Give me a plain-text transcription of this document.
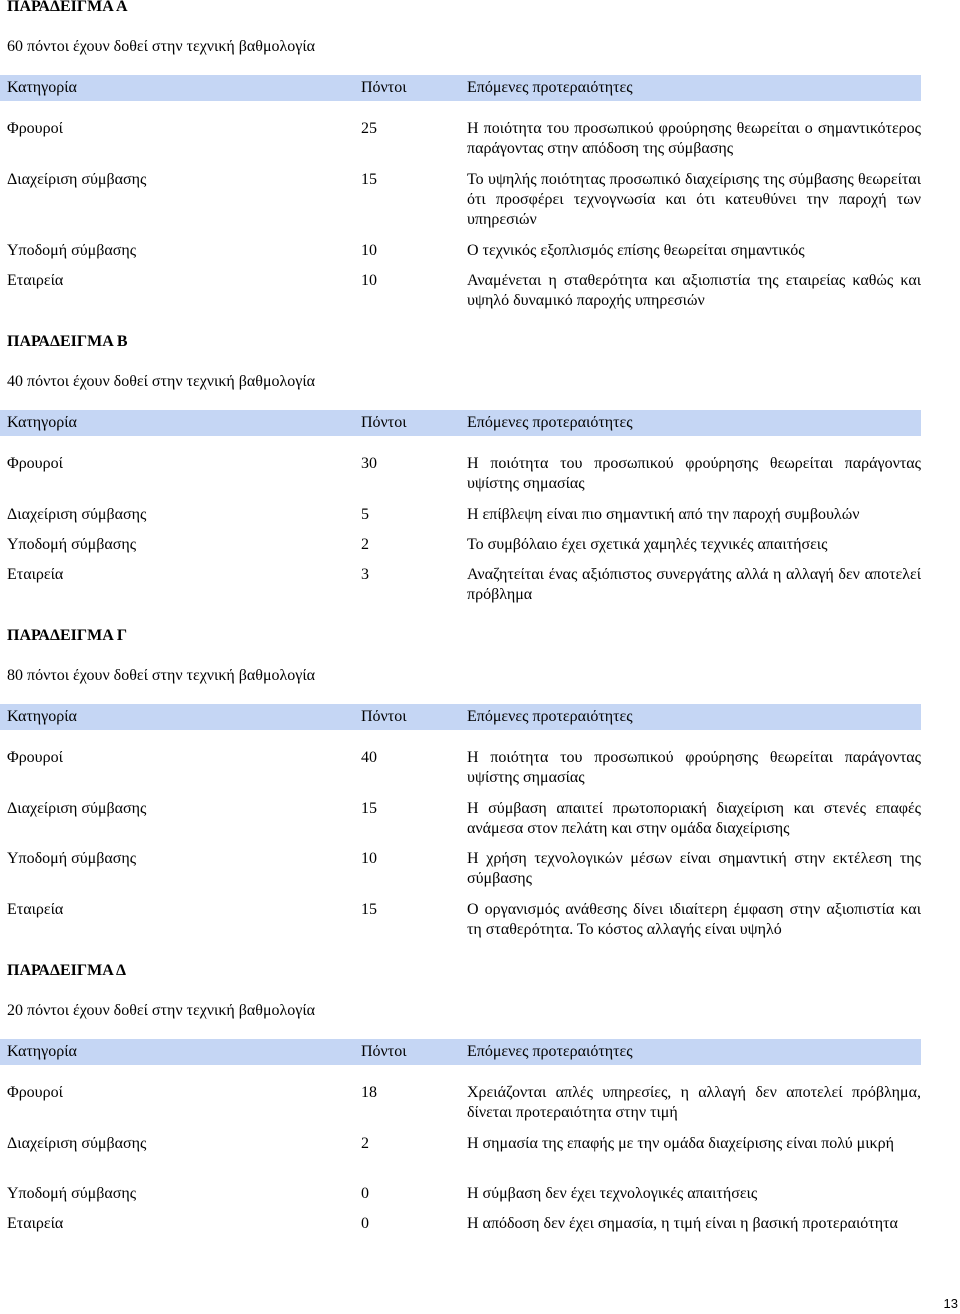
ΠΑΡΑΔΕΙΓΜΑ Α
60 πόντοι έχουν δοθεί στην τεχνική βαθμολογία
Κατηγορία	Πόντοι	Επόμενες προτεραιότητες
Φρουροί	25	Η ποιότητα του προσωπικού φρούρησης θεωρείται ο σημαντικότερος παράγοντας στην απόδοση της σύμβασης
Διαχείριση σύμβασης	15	Το υψηλής ποιότητας προσωπικό διαχείρισης της σύμβασης θεωρείται ότι προσφέρει τεχνογνωσία και ότι κατευθύνει την παροχή των υπηρεσιών
Υποδομή σύμβασης	10	Ο τεχνικός εξοπλισμός επίσης θεωρείται σημαντικός
Εταιρεία	10	Αναμένεται η σταθερότητα και αξιοπιστία της εταιρείας καθώς και υψηλό δυναμικό παροχής υπηρεσιών
ΠΑΡΑΔΕΙΓΜΑ Β
40 πόντοι έχουν δοθεί στην τεχνική βαθμολογία
Κατηγορία	Πόντοι	Επόμενες προτεραιότητες
Φρουροί	30	Η ποιότητα του προσωπικού φρούρησης θεωρείται παράγοντας υψίστης σημασίας
Διαχείριση σύμβασης	5	Η επίβλεψη είναι πιο σημαντική από την παροχή συμβουλών
Υποδομή σύμβασης	2	Το συμβόλαιο έχει σχετικά χαμηλές τεχνικές απαιτήσεις
Εταιρεία	3	Αναζητείται ένας αξιόπιστος συνεργάτης αλλά η αλλαγή δεν αποτελεί πρόβλημα
ΠΑΡΑΔΕΙΓΜΑ Γ
80 πόντοι έχουν δοθεί στην τεχνική βαθμολογία
Κατηγορία	Πόντοι	Επόμενες προτεραιότητες
Φρουροί	40	Η ποιότητα του προσωπικού φρούρησης θεωρείται παράγοντας υψίστης σημασίας
Διαχείριση σύμβασης	15	Η σύμβαση απαιτεί πρωτοποριακή διαχείριση και στενές επαφές ανάμεσα στον πελάτη και στην ομάδα διαχείρισης
Υποδομή σύμβασης	10	Η χρήση τεχνολογικών μέσων είναι σημαντική στην εκτέλεση της σύμβασης
Εταιρεία	15	Ο οργανισμός ανάθεσης δίνει ιδιαίτερη έμφαση στην αξιοπιστία και τη σταθερότητα. Το κόστος αλλαγής είναι υψηλό
ΠΑΡΑΔΕΙΓΜΑ Δ
20 πόντοι έχουν δοθεί στην τεχνική βαθμολογία
Κατηγορία	Πόντοι	Επόμενες προτεραιότητες
Φρουροί	18	Χρειάζονται απλές υπηρεσίες, η αλλαγή δεν αποτελεί πρόβλημα, δίνεται προτεραιότητα στην τιμή
Διαχείριση σύμβασης	2	Η σημασία της επαφής με την ομάδα διαχείρισης είναι πολύ μικρή
Υποδομή σύμβασης	0	Η σύμβαση δεν έχει τεχνολογικές απαιτήσεις
Εταιρεία	0	Η απόδοση δεν έχει σημασία, η τιμή είναι η βασική προτεραιότητα
13
